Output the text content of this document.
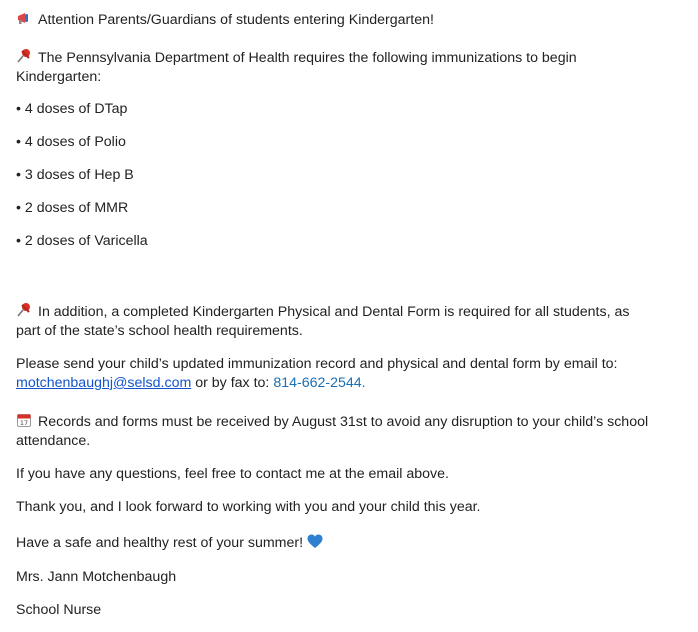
Attention Parents/Guardians of students entering Kindergarten!
The Pennsylvania Department of Health requires the following immunizations to begin Kindergarten:
• 4 doses of DTap
• 4 doses of Polio
• 3 doses of Hep B
• 2 doses of MMR
• 2 doses of Varicella
In addition, a completed Kindergarten Physical and Dental Form is required for all students, as part of the state’s school health requirements.
Please send your child’s updated immunization record and physical and dental form by email to:
motchenbaughj@selsd.com or by fax to: 814-662-2544.
17 Records and forms must be received by August 31st to avoid any disruption to your child’s school attendance.
If you have any questions, feel free to contact me at the email above.
Thank you, and I look forward to working with you and your child this year.
Have a safe and healthy rest of your summer!
Mrs. Jann Motchenbaugh
School Nurse
